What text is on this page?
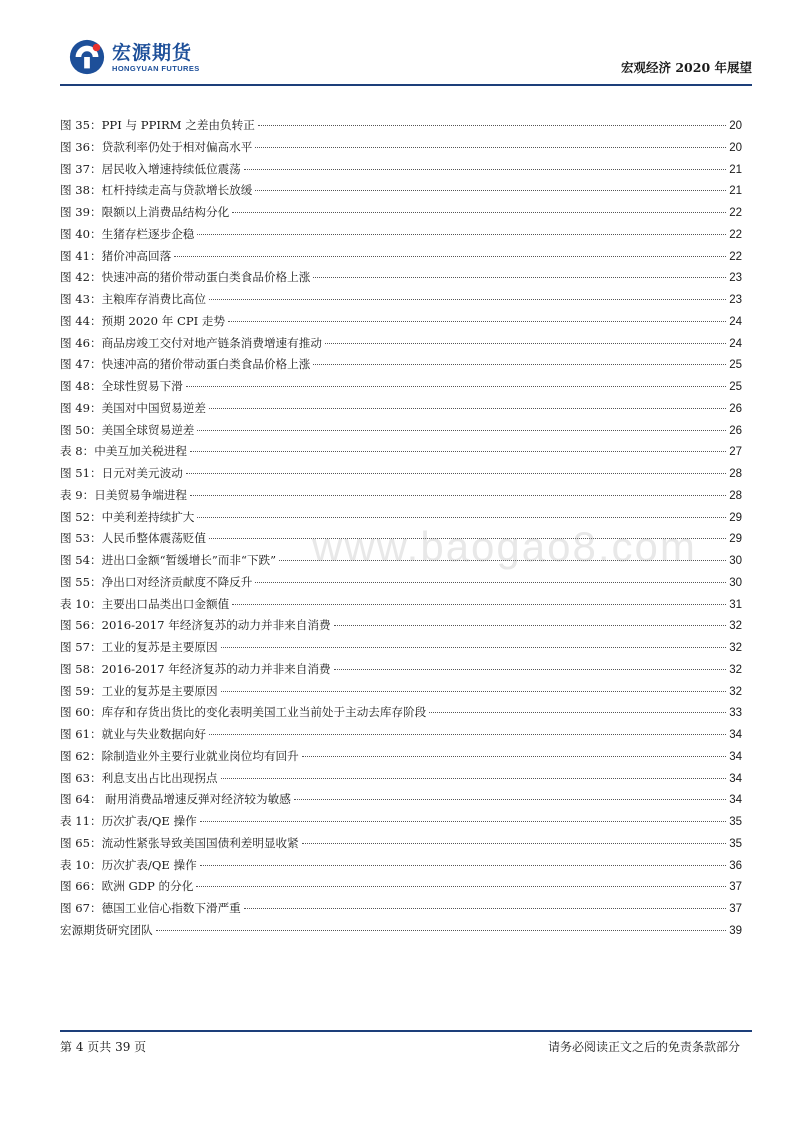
宏源期货
HONGYUAN FUTURES	宏观经济 2020 年展望
图 35：PPI 与 PPIRM 之差由负转正	20
图 36：贷款利率仍处于相对偏高水平	20
图 37：居民收入增速持续低位震荡	21
图 38：杠杆持续走高与贷款增长放缓	21
图 39：限额以上消费品结构分化	22
图 40：生猪存栏逐步企稳	22
图 41：猪价冲高回落	22
图 42：快速冲高的猪价带动蛋白类食品价格上涨	23
图 43：主粮库存消费比高位	23
图 44：预期 2020 年 CPI 走势	24
图 46：商品房竣工交付对地产链条消费增速有推动	24
图 47：快速冲高的猪价带动蛋白类食品价格上涨	25
图 48：全球性贸易下滑	25
图 49：美国对中国贸易逆差	26
图 50：美国全球贸易逆差	26
表 8：中美互加关税进程	27
图 51：日元对美元波动	28
表 9：日美贸易争端进程	28
图 52：中美利差持续扩大	29
图 53：人民币整体震荡贬值	29
图 54：进出口金额“暂缓增长”而非“下跌”	30
图 55：净出口对经济贡献度不降反升	30
表 10：主要出口品类出口金额值	31
图 56：2016-2017 年经济复苏的动力并非来自消费	32
图 57：工业的复苏是主要原因	32
图 58：2016-2017 年经济复苏的动力并非来自消费	32
图 59：工业的复苏是主要原因	32
图 60：库存和存货出货比的变化表明美国工业当前处于主动去库存阶段	33
图 61：就业与失业数据向好	34
图 62：除制造业外主要行业就业岗位均有回升	34
图 63：利息支出占比出现拐点	34
图 64： 耐用消费品增速反弹对经济较为敏感	34
表 11：历次扩表/QE 操作	35
图 65：流动性紧张导致美国国债利差明显收紧	35
表 10：历次扩表/QE 操作	36
图 66：欧洲 GDP 的分化	37
图 67：德国工业信心指数下滑严重	37
宏源期货研究团队	39
www.baogao8.com
第 4 页共 39 页	请务必阅读正文之后的免责条款部分
